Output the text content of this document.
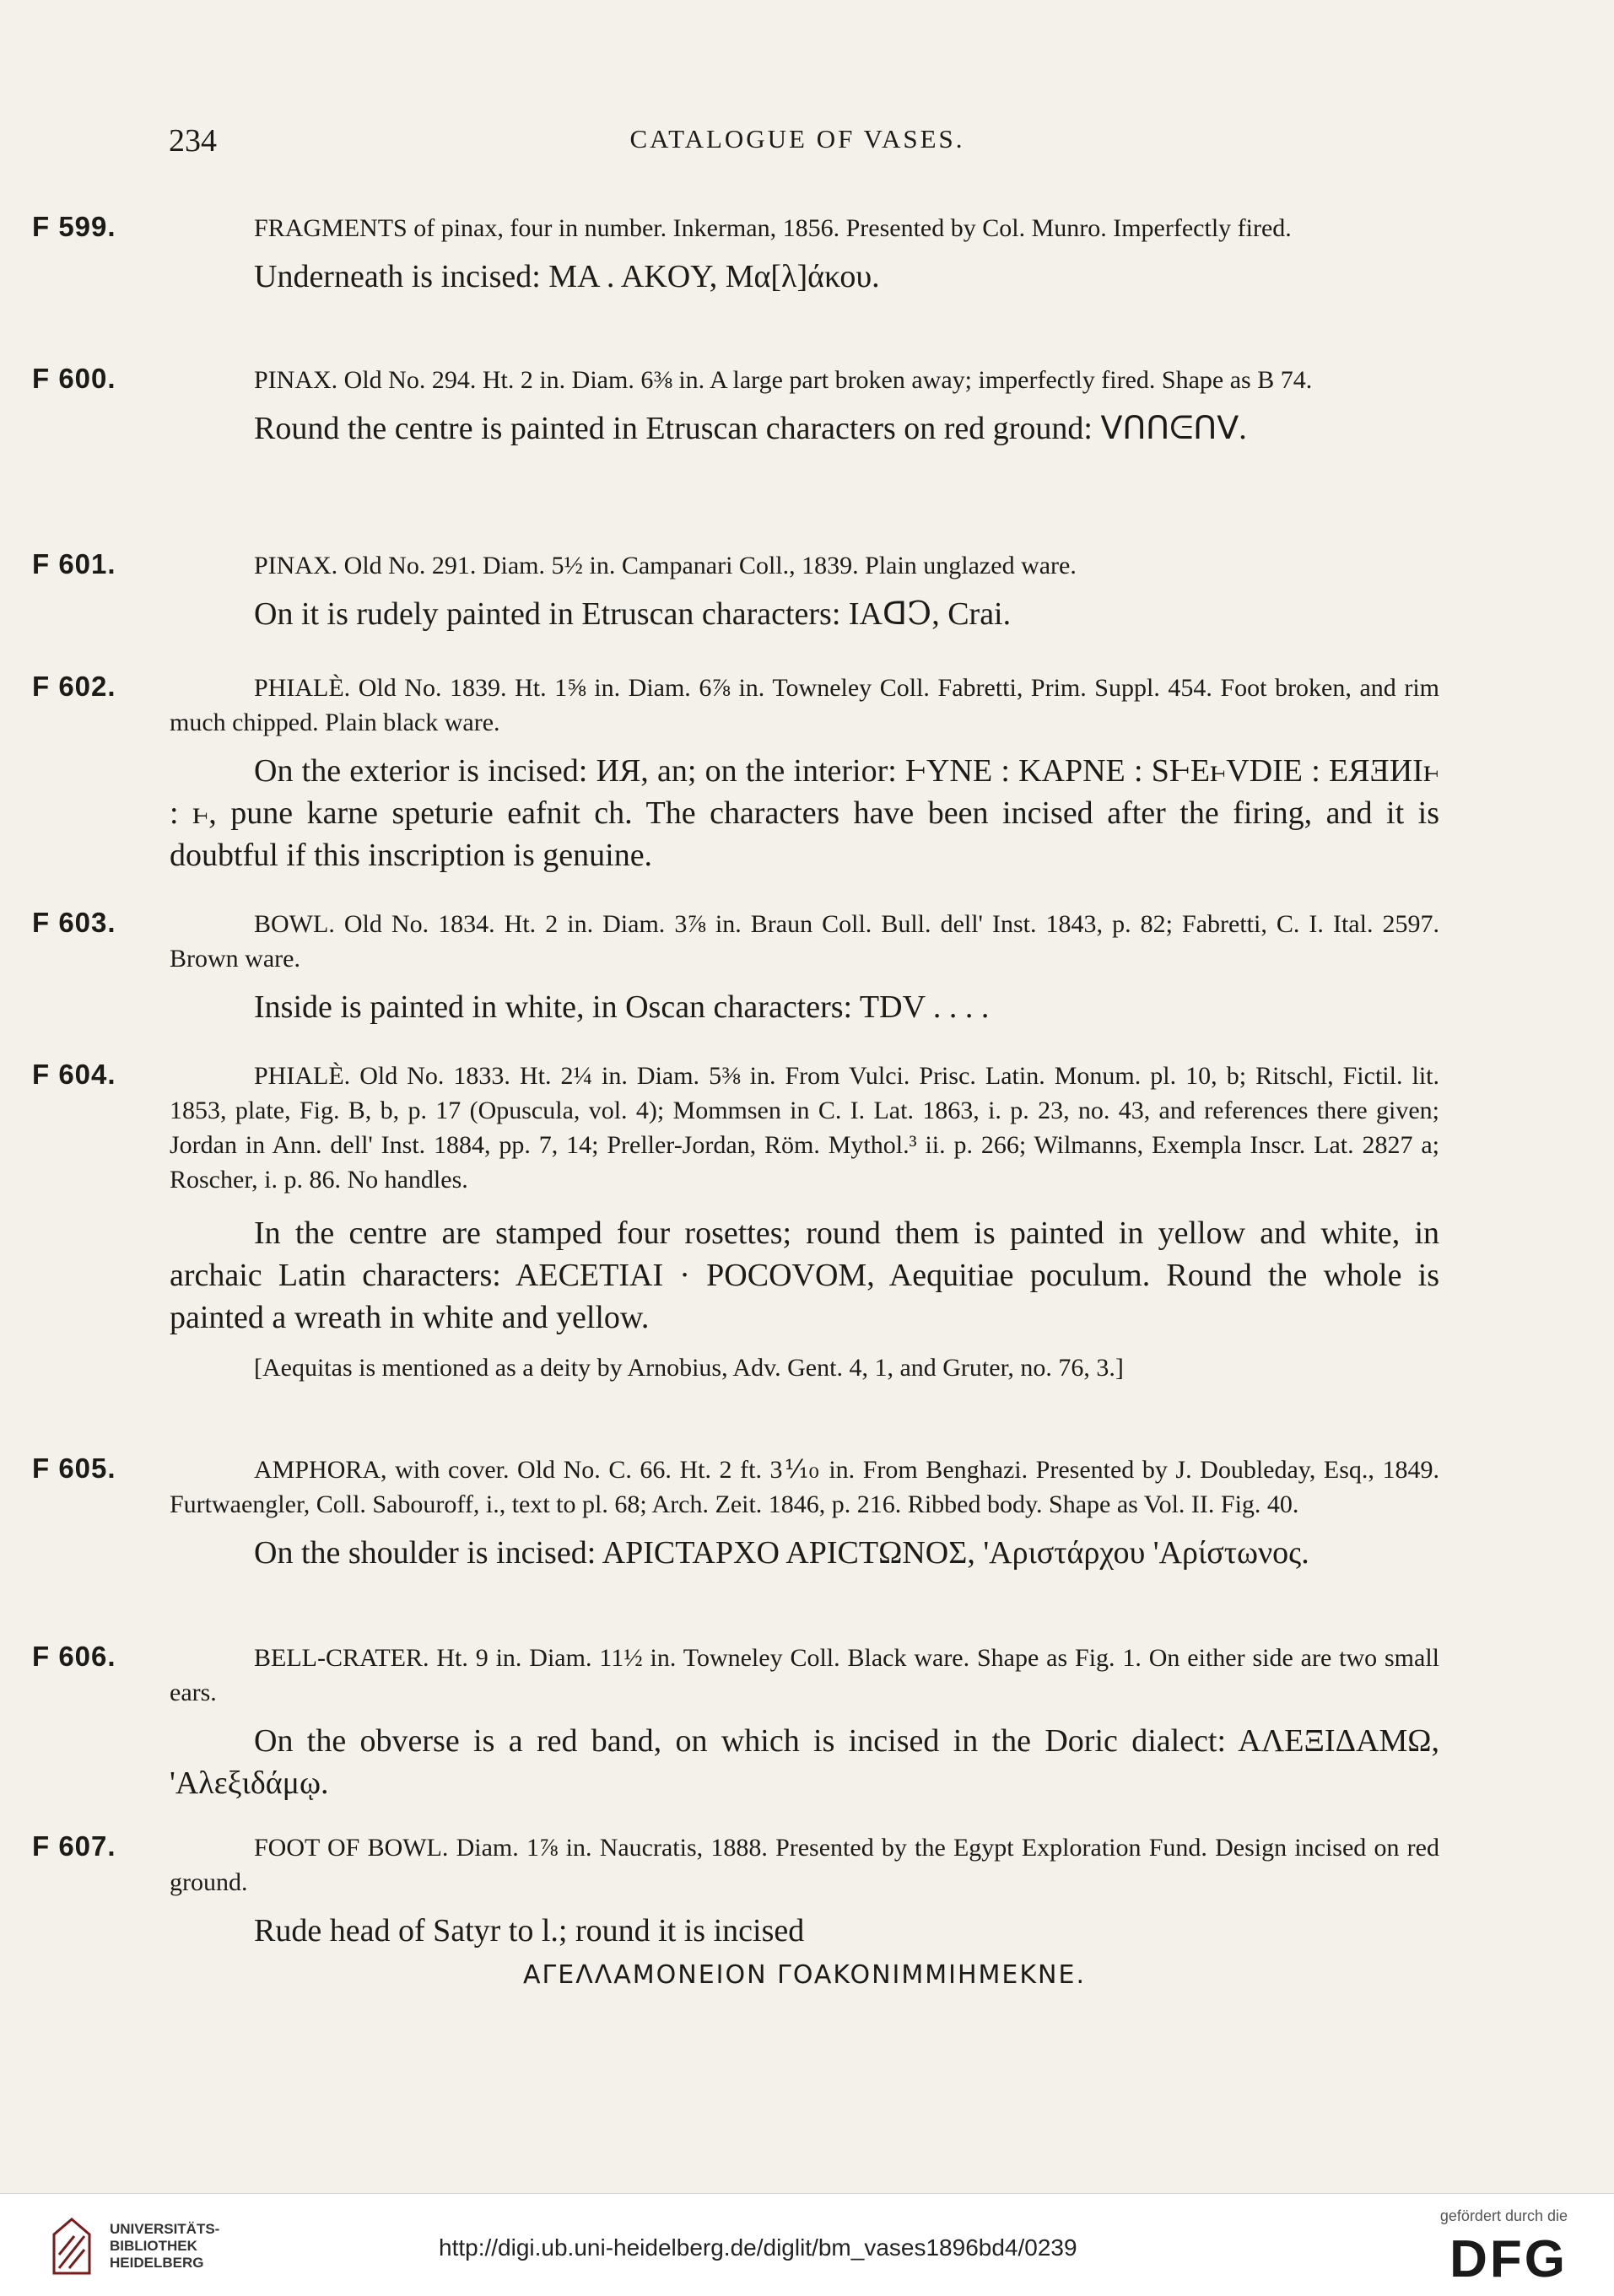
234	CATALOGUE OF VASES.
F 599.	FRAGMENTS of pinax, four in number. Inkerman, 1856. Presented by Col. Munro. Imperfectly fired.

Underneath is incised: MA . AKOY, Μα[λ]άκου.

F 600.	PINAX. Old No. 294. Ht. 2 in. Diam. 6⅜ in. A large part broken away; imperfectly fired. Shape as B 74.

Round the centre is painted in Etruscan characters on red ground: ᐯᑎᑎᕮᑎᐯ.

F 601.	PINAX. Old No. 291. Diam. 5½ in. Campanari Coll., 1839. Plain unglazed ware.

On it is rudely painted in Etruscan characters: IAᗡↃ, Crai.

F 602.	PHIALÈ. Old No. 1839. Ht. 1⅝ in. Diam. 6⅞ in. Towneley Coll. Fabretti, Prim. Suppl. 454. Foot broken, and rim much chipped. Plain black ware.

On the exterior is incised: ИЯ, an; on the interior: ⱵYNE : KAPNE : SⱵEⱶVDIE : EЯƎИIⱶ : ⱶ, pune karne speturie eafnit ch. The characters have been incised after the firing, and it is doubtful if this inscription is genuine.

F 603.	BOWL. Old No. 1834. Ht. 2 in. Diam. 3⅞ in. Braun Coll. Bull. dell' Inst. 1843, p. 82; Fabretti, C. I. Ital. 2597. Brown ware.

Inside is painted in white, in Oscan characters: TDV . . . .

F 604.	PHIALÈ. Old No. 1833. Ht. 2¼ in. Diam. 5⅜ in. From Vulci. Prisc. Latin. Monum. pl. 10, b; Ritschl, Fictil. lit. 1853, plate, Fig. B, b, p. 17 (Opuscula, vol. 4); Mommsen in C. I. Lat. 1863, i. p. 23, no. 43, and references there given; Jordan in Ann. dell' Inst. 1884, pp. 7, 14; Preller-Jordan, Röm. Mythol.³ ii. p. 266; Wilmanns, Exempla Inscr. Lat. 2827 a; Roscher, i. p. 86. No handles.

In the centre are stamped four rosettes; round them is painted in yellow and white, in archaic Latin characters: AECETIAI · POCOVOM, Aequitiae poculum. Round the whole is painted a wreath in white and yellow.

[Aequitas is mentioned as a deity by Arnobius, Adv. Gent. 4, 1, and Gruter, no. 76, 3.]

F 605.	AMPHORA, with cover. Old No. C. 66. Ht. 2 ft. 3⅒ in. From Benghazi. Presented by J. Doubleday, Esq., 1849. Furtwaengler, Coll. Sabouroff, i., text to pl. 68; Arch. Zeit. 1846, p. 216. Ribbed body. Shape as Vol. II. Fig. 40.

On the shoulder is incised: APICTAPXO APICTΩNOΣ, 'Αριστάρχου 'Αρίστωνος.

F 606.	BELL-CRATER. Ht. 9 in. Diam. 11½ in. Towneley Coll. Black ware. Shape as Fig. 1. On either side are two small ears.

On the obverse is a red band, on which is incised in the Doric dialect: AΛEΞIΔAMΩ, 'Αλεξιδάμῳ.

F 607.	FOOT OF BOWL. Diam. 1⅞ in. Naucratis, 1888. Presented by the Egypt Exploration Fund. Design incised on red ground.

Rude head of Satyr to l.; round it is incised

AΓEΛΛAMONEION ΓOAKONIMMIHMEKNE.

UNIVERSITÄTS-
BIBLIOTHEK
HEIDELBERG
http://digi.ub.uni-heidelberg.de/diglit/bm_vases1896bd4/0239
gefördert durch die
DFG
